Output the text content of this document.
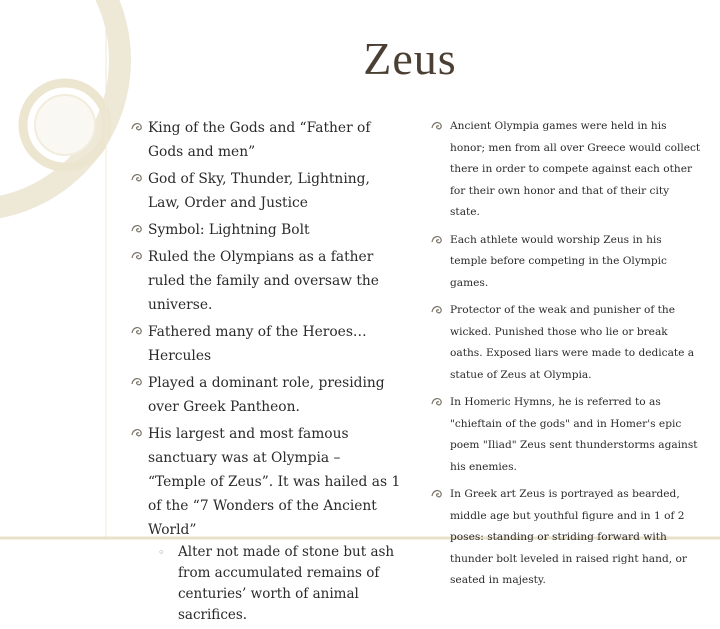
Zeus
King of the Gods and “Father of Gods and men”
God of Sky, Thunder, Lightning, Law, Order and Justice
Symbol: Lightning Bolt
Ruled the Olympians as a father ruled the family and oversaw the universe.
Fathered many of the Heroes…Hercules
Played a dominant role, presiding over Greek Pantheon.
His largest and most famous sanctuary was at Olympia – “Temple of Zeus”. It was hailed as 1 of the “7 Wonders of the Ancient World”
◦ Alter not made of stone but ash from accumulated remains of centuries’ worth of animal sacrifices.
Ancient Olympia games were held in his honor; men from all over Greece would collect there in order to compete against each other for their own honor and that of their city state.
Each athlete would worship Zeus in his temple before competing in the Olympic games.
Protector of the weak and punisher of the wicked. Punished those who lie or break oaths. Exposed liars were made to dedicate a statue of Zeus at Olympia.
In Homeric Hymns, he is referred to as "chieftain of the gods" and in Homer's epic poem "Iliad" Zeus sent thunderstorms against his enemies.
In Greek art Zeus is portrayed as bearded, middle age but youthful figure and in 1 of 2 poses: standing or striding forward with thunder bolt leveled in raised right hand, or seated in majesty.
